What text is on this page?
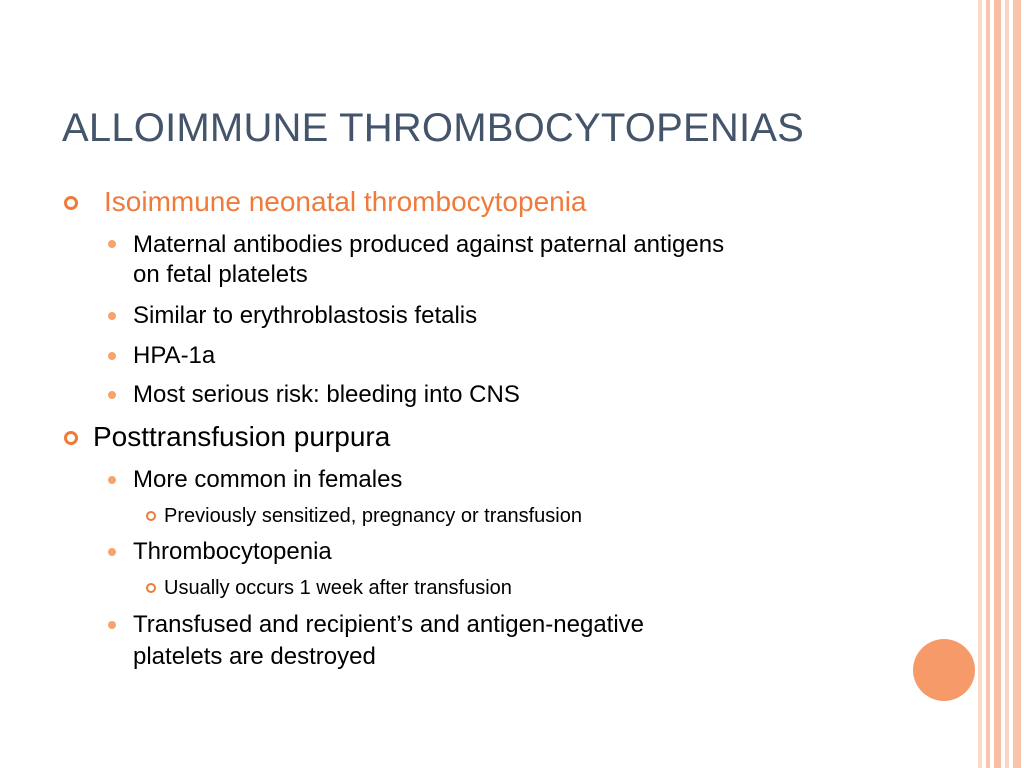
ALLOIMMUNE THROMBOCYTOPENIAS
Isoimmune neonatal thrombocytopenia
Maternal antibodies produced against paternal antigens
on fetal platelets
Similar to erythroblastosis fetalis
HPA-1a
Most serious risk: bleeding into CNS
Posttransfusion purpura
More common in females
Previously sensitized, pregnancy or transfusion
Thrombocytopenia
Usually occurs 1 week after transfusion
Transfused and recipient’s and antigen-negative
platelets are destroyed
